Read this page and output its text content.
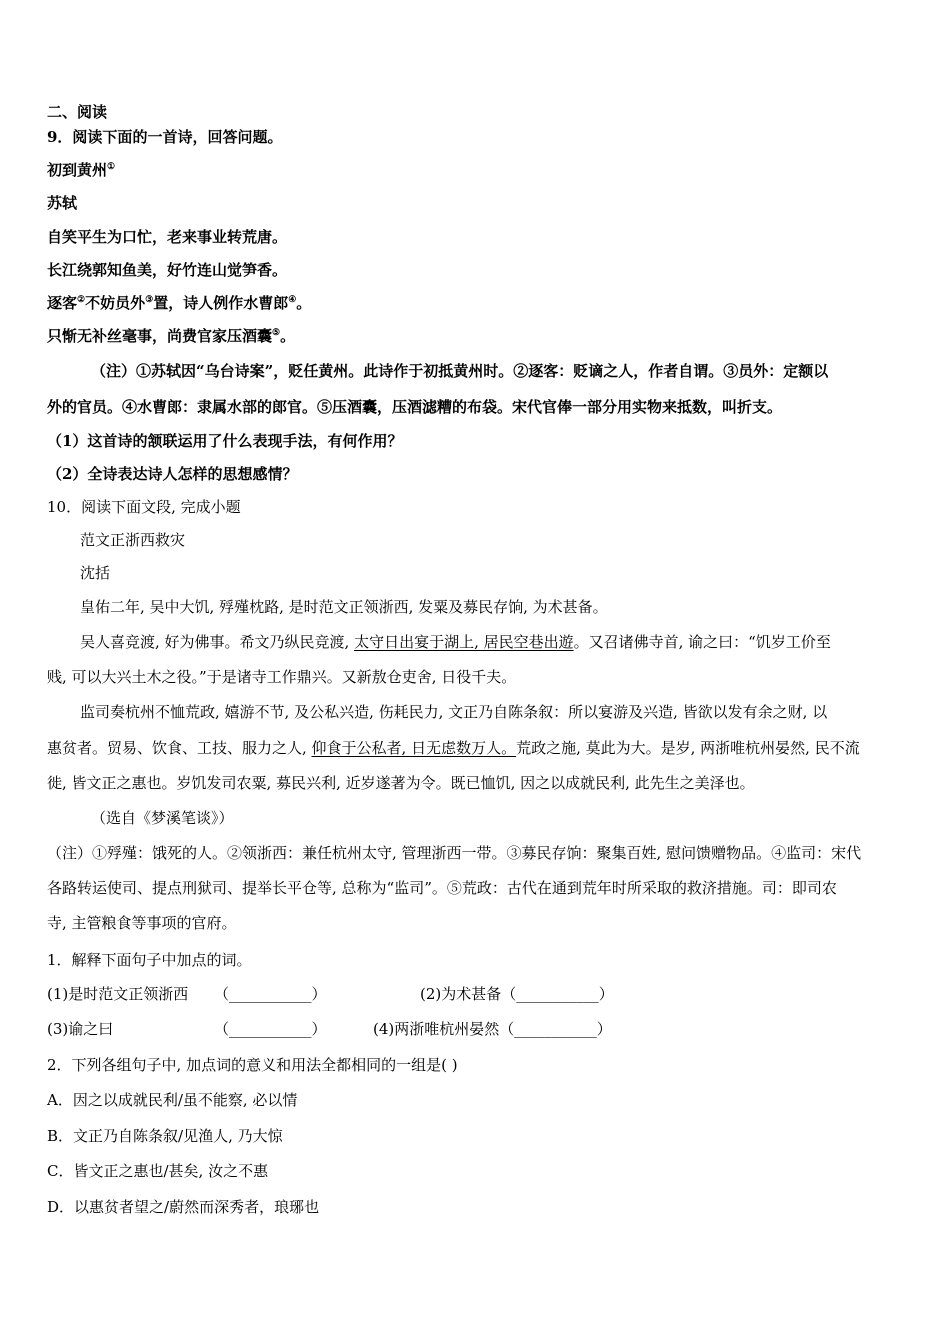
二、阅读
9．阅读下面的一首诗，回答问题。
初到黄州①
苏轼
自笑平生为口忙，老来事业转荒唐。
长江绕郭知鱼美，好竹连山觉笋香。
逐客②不妨员外③置，诗人例作水曹郎④。
只惭无补丝毫事，尚费官家压酒囊⑤。
（注）①苏轼因“乌台诗案”，贬任黄州。此诗作于初抵黄州时。②逐客：贬谪之人，作者自谓。③员外：定额以
外的官员。④水曹郎：隶属水部的郎官。⑤压酒囊，压酒滤糟的布袋。宋代官俸一部分用实物来抵数，叫折支。
（1）这首诗的颔联运用了什么表现手法，有何作用？
（2）全诗表达诗人怎样的思想感情？
10．阅读下面文段, 完成小题
范文正浙西救灾
沈括
皇佑二年, 吴中大饥, 殍殣枕路, 是时范文正领浙西, 发粟及募民存饷, 为术甚备。
吴人喜竞渡, 好为佛事。希文乃纵民竞渡, 太守日出宴于湖上, 居民空巷出遊。又召诸佛寺首, 谕之曰：“饥岁工价至
贱, 可以大兴土木之役。”于是诸寺工作鼎兴。又新敖仓吏舍, 日役千夫。
监司奏杭州不恤荒政, 嬉游不节, 及公私兴造, 伤耗民力, 文正乃自陈条叙：所以宴游及兴造, 皆欲以发有余之财, 以
惠贫者。贸易、饮食、工技、服力之人, 仰食于公私者, 日无虑数万人。荒政之施, 莫此为大。是岁, 两浙唯杭州晏然, 民不流
徙, 皆文正之惠也。岁饥发司农粟, 募民兴利, 近岁遂著为令。既已恤饥, 因之以成就民利, 此先生之美泽也。
（选自《梦溪笔谈》）
（注）①殍殣：饿死的人。②领浙西：兼任杭州太守, 管理浙西一带。③募民存饷：聚集百姓, 慰问馈赠物品。④监司：宋代
各路转运使司、提点刑狱司、提举长平仓等, 总称为“监司”。⑤荒政：古代在通到荒年时所采取的救济措施。司：即司农
寺, 主管粮食等事项的官府。
1．解释下面句子中加点的词。
(1)是时范文正领浙西 （___________）	(2)为术甚备（___________）
(3)谕之曰	（___________）	(4)两浙唯杭州晏然（___________）
2．下列各组句子中, 加点词的意义和用法全都相同的一组是( )
A．因之以成就民利/虽不能察, 必以情
B．文正乃自陈条叙/见渔人, 乃大惊
C．皆文正之惠也/甚矣, 汝之不惠
D．以惠贫者望之/蔚然而深秀者，琅琊也
